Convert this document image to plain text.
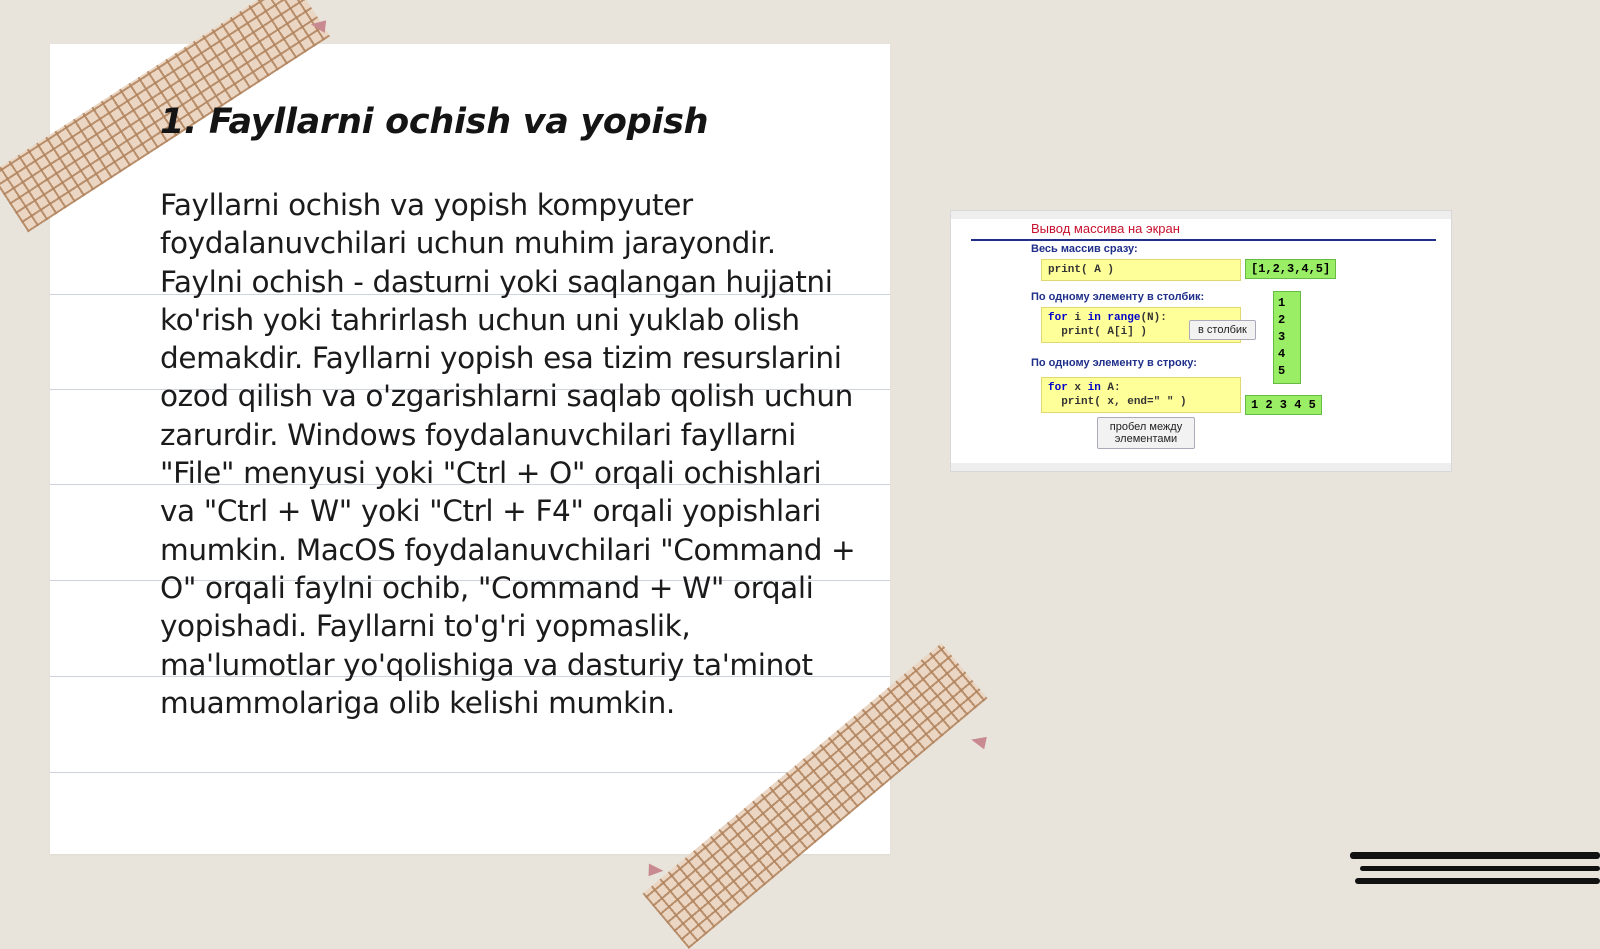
1. Fayllarni ochish va yopish
Fayllarni ochish va yopish kompyuter foydalanuvchilari uchun muhim jarayondir. Faylni ochish - dasturni yoki saqlangan hujjatni ko'rish yoki tahrirlash uchun uni yuklab olish demakdir. Fayllarni yopish esa tizim resurslarini ozod qilish va o'zgarishlarni saqlab qolish uchun zarurdir. Windows foydalanuvchilari fayllarni "File" menyusi yoki "Ctrl + O" orqali ochishlari va "Ctrl + W" yoki "Ctrl + F4" orqali yopishlari mumkin. MacOS foydalanuvchilari "Command + O" orqali faylni ochib, "Command + W" orqali yopishadi. Fayllarni to'g'ri yopmaslik, ma'lumotlar yo'qolishiga va dasturiy ta'minot muammolariga olib kelishi mumkin.
Вывод массива на экран
Весь массив сразу:
print( A )	[1,2,3,4,5]
По одному элементу в столбик:
for i in range(N):
print( A[i] )	в столбик
1
2
3
4
5
По одному элементу в строку:
for x in A:
print( x, end=" " )	1 2 3 4 5
пробел между элементами
